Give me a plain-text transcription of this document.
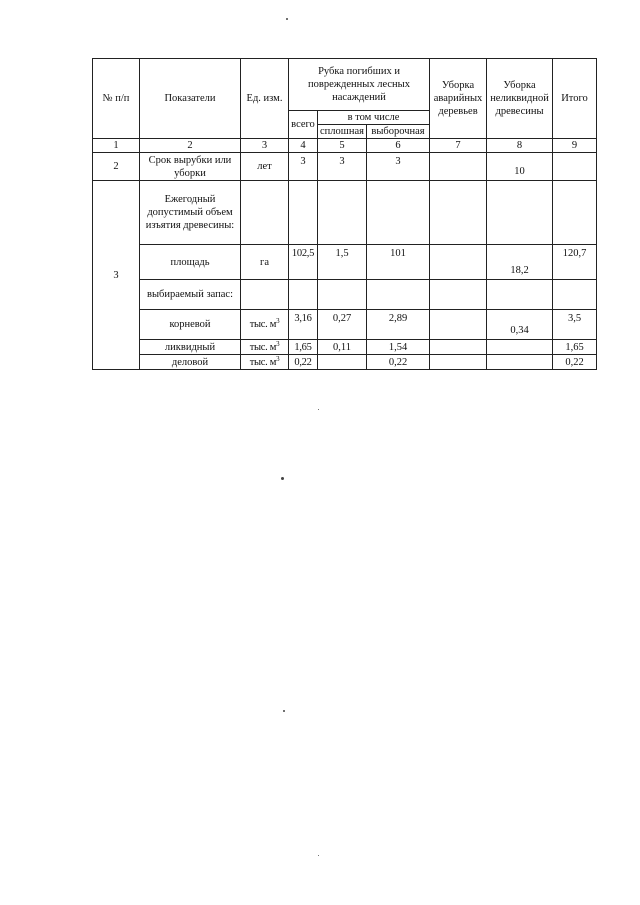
№ п/п	Показатели	Ед. изм.	Рубка погибших и поврежденных лесных насаждений			Уборка аварийных деревьев	Уборка неликвидной древесины	Итого
			всего	в том числе				
				сплошная	выборочная			
1	2	3	4	5	6	7	8	9
2	Срок вырубки или уборки	лет	3	3	3		10	
3	Ежегодный допустимый объем изъятия древесины:							
	площадь	га	102,5	1,5	101		18,2	120,7
	выбираемый запас:							
	корневой	тыс. $м^3$	3,16	0,27	2,89		0,34	3,5
	ликвидный	тыс. $м^3$	1,65	0,11	1,54			1,65
	деловой	тыс. $м^3$	0,22		0,22			0,22
